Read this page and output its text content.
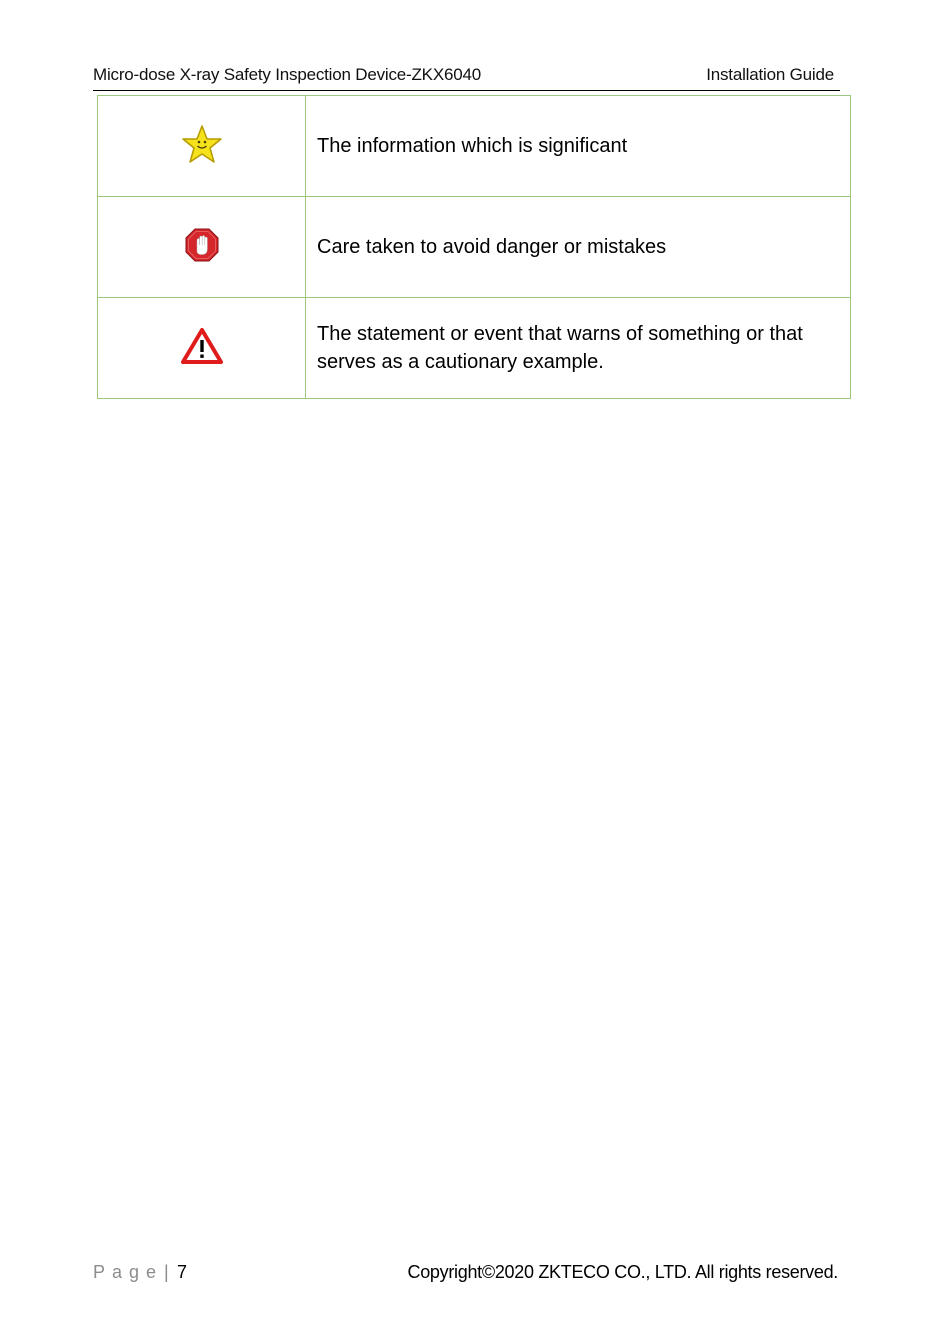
Micro-dose X-ray Safety Inspection Device-ZKX6040	Installation Guide
	The information which is significant
	Care taken to avoid danger or mistakes
	The statement or event that warns of something or that serves as a cautionary example.
Page | 7	Copyright©2020 ZKTECO CO., LTD. All rights reserved.
